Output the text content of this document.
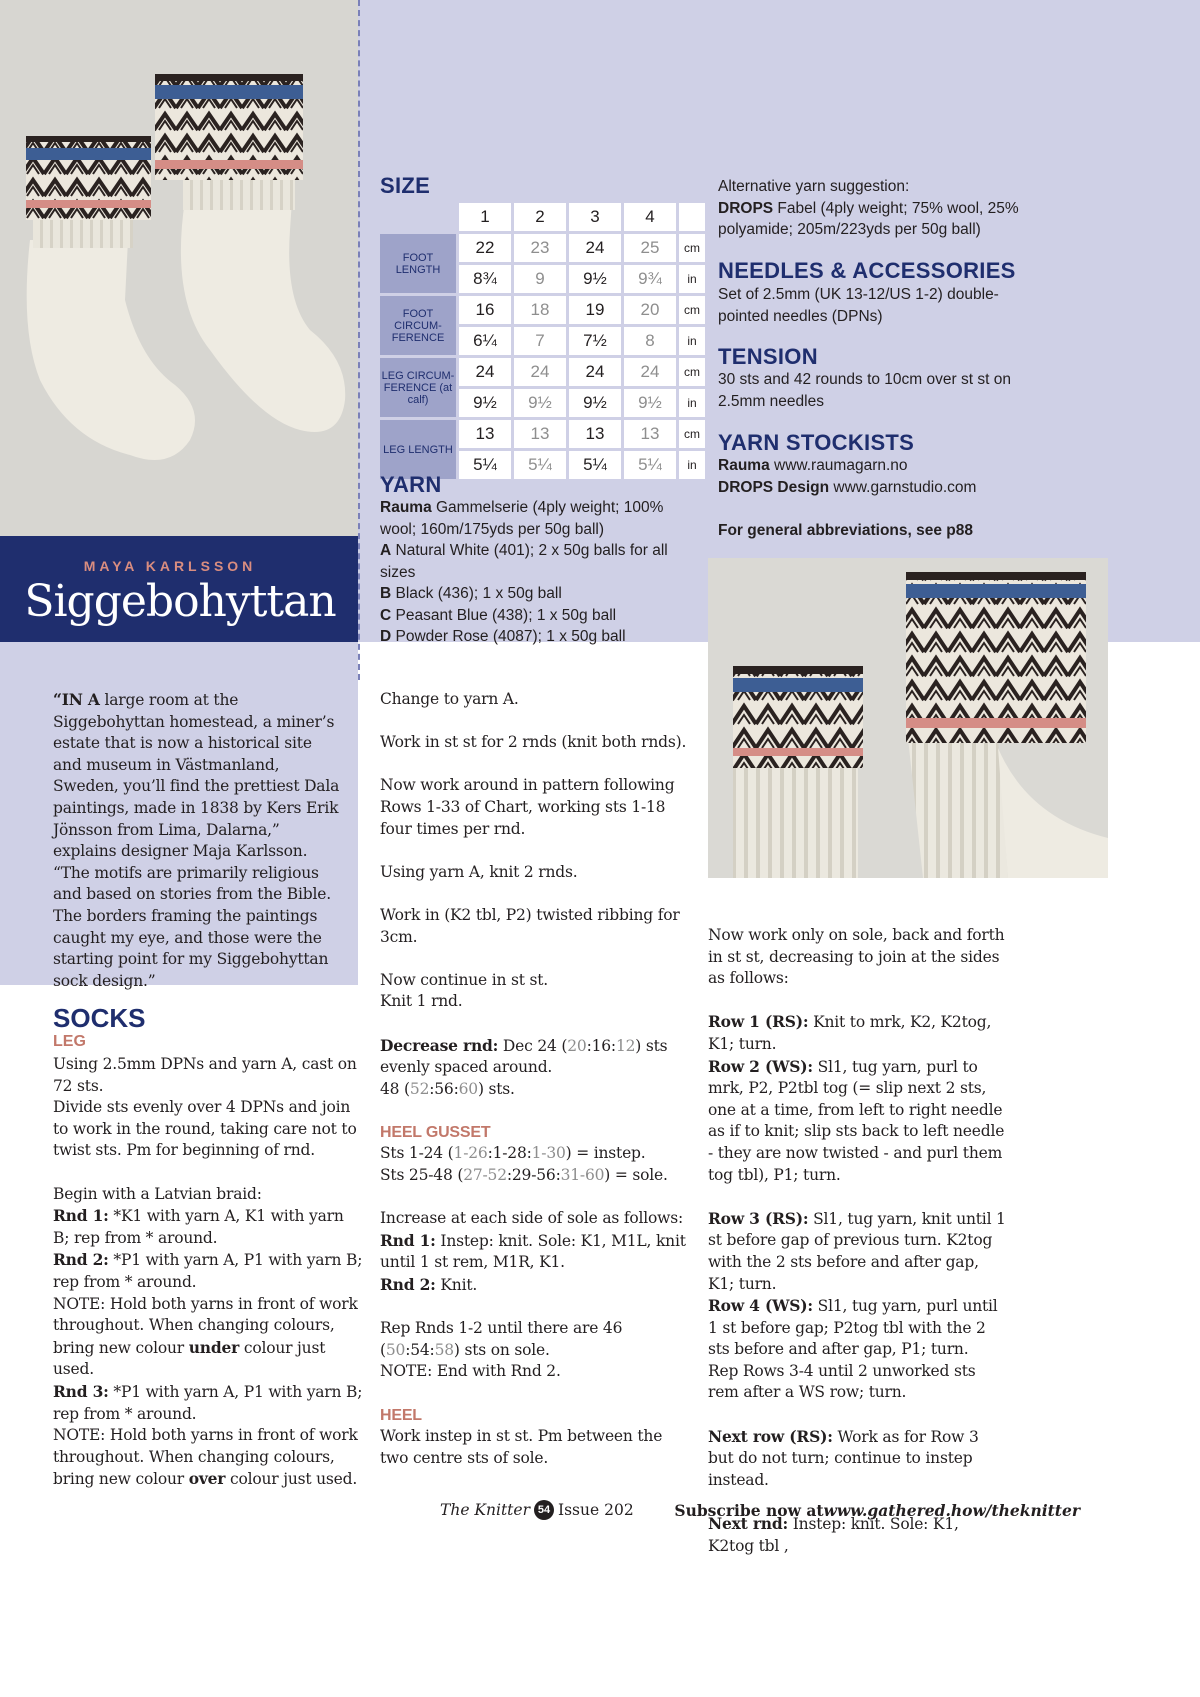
MAYA KARLSSON
Siggebohyttan
SIZE
	1	2	3	4	
FOOT LENGTH	22	23	24	25	cm
	8¾	9	9½	9¾	in
FOOT CIRCUM-FERENCE	16	18	19	20	cm
	6¼	7	7½	8	in
LEG CIRCUM-FERENCE (at calf)	24	24	24	24	cm
	9½	9½	9½	9½	in
LEG LENGTH	13	13	13	13	cm
	5¼	5¼	5¼	5¼	in
YARN
Rauma Gammelserie (4ply weight; 100% wool; 160m/175yds per 50g ball)
A Natural White (401); 2 x 50g balls for all sizes
B Black (436); 1 x 50g ball
C Peasant Blue (438); 1 x 50g ball
D Powder Rose (4087); 1 x 50g ball
Alternative yarn suggestion:
DROPS Fabel (4ply weight; 75% wool, 25% polyamide; 205m/223yds per 50g ball)
NEEDLES & ACCESSORIES
Set of 2.5mm (UK 13-12/US 1-2) double-pointed needles (DPNs)
TENSION
30 sts and 42 rounds to 10cm over st st on 2.5mm needles
YARN STOCKISTS
Rauma www.raumagarn.no
DROPS Design www.garnstudio.com
For general abbreviations, see p88
“IN A large room at the Siggebohyttan homestead, a miner’s estate that is now a historical site and museum in Västmanland, Sweden, you’ll find the prettiest Dala paintings, made in 1838 by Kers Erik Jönsson from Lima, Dalarna,” explains designer Maja Karlsson. “The motifs are primarily religious and based on stories from the Bible. The borders framing the paintings caught my eye, and those were the starting point for my Siggebohyttan sock design.”
SOCKS
LEG

Using 2.5mm DPNs and yarn A, cast on 72 sts.

Divide sts evenly over 4 DPNs and join to work in the round, taking care not to twist sts. Pm for beginning of rnd.

Begin with a Latvian braid:

Rnd 1: *K1 with yarn A, K1 with yarn B; rep from * around.

Rnd 2: *P1 with yarn A, P1 with yarn B; rep from * around.

NOTE: Hold both yarns in front of work throughout. When changing colours, bring new colour under colour just used.

Rnd 3: *P1 with yarn A, P1 with yarn B; rep from * around.

NOTE: Hold both yarns in front of work throughout. When changing colours, bring new colour over colour just used.

Change to yarn A.

Work in st st for 2 rnds (knit both rnds).

Now work around in pattern following Rows 1-33 of Chart, working sts 1-18 four times per rnd.

Using yarn A, knit 2 rnds.

Work in (K2 tbl, P2) twisted ribbing for 3cm.

Now continue in st st.

Knit 1 rnd.

Decrease rnd: Dec 24 (20:16:12) sts evenly spaced around.

48 (52:56:60) sts.

HEEL GUSSET

Sts 1-24 (1-26:1-28:1-30) = instep.

Sts 25-48 (27-52:29-56:31-60) = sole.

Increase at each side of sole as follows:

Rnd 1: Instep: knit. Sole: K1, M1L, knit until 1 st rem, M1R, K1.

Rnd 2: Knit.

Rep Rnds 1-2 until there are 46 (50:54:58) sts on sole.

NOTE: End with Rnd 2.

HEEL

Work instep in st st. Pm between the two centre sts of sole.

Now work only on sole, back and forth in st st, decreasing to join at the sides as follows:

Row 1 (RS): Knit to mrk, K2, K2tog, K1; turn.

Row 2 (WS): Sl1, tug yarn, purl to mrk, P2, P2tbl tog (= slip next 2 sts, one at a time, from left to right needle as if to knit; slip sts back to left needle - they are now twisted - and purl them tog tbl), P1; turn.

Row 3 (RS): Sl1, tug yarn, knit until 1 st before gap of previous turn. K2tog with the 2 sts before and after gap, K1; turn.

Row 4 (WS): Sl1, tug yarn, purl until 1 st before gap; P2tog tbl with the 2 sts before and after gap, P1; turn.

Rep Rows 3-4 until 2 unworked sts rem after a WS row; turn.

Next row (RS): Work as for Row 3 but do not turn; continue to instep instead.

Next rnd: Instep: knit. Sole: K1, K2tog tbl ,

The Knitter 54 Issue 202	Subscribe now at www.gathered.how/theknitter
